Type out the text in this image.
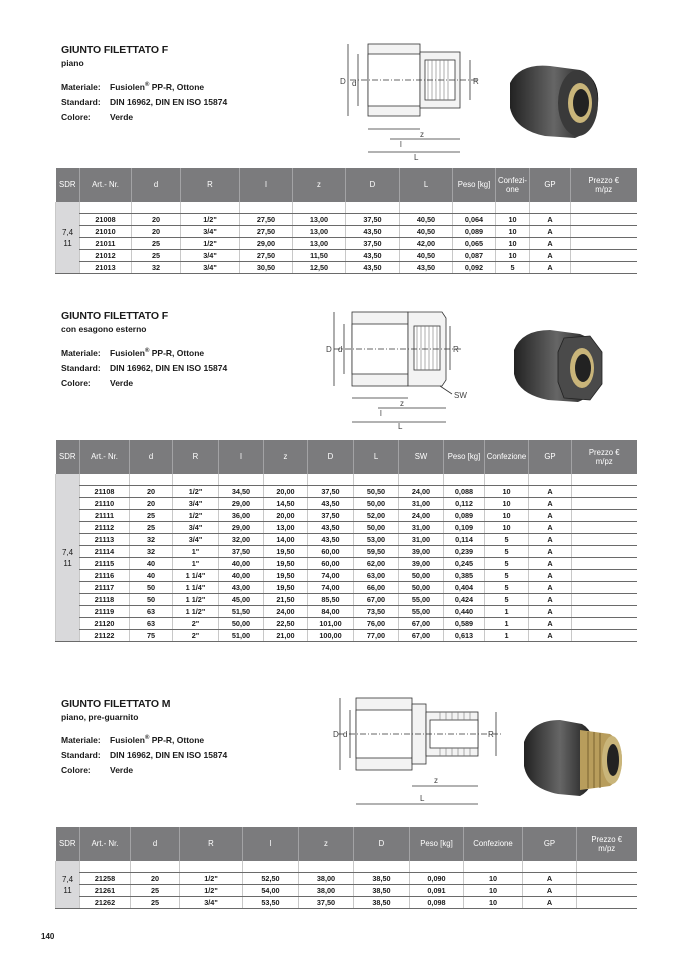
GIUNTO FILETTATO F
piano
Materiale: Fusiolen® PP-R, Ottone
Standard: DIN 16962, DIN EN ISO 15874
Colore: Verde
D d	R
z
l
L
SDR	Art.- Nr.	d	R	l	z	D	L	Peso [kg]	Confezi-
one	GP	Prezzo €
m/pz

7,4
11											

	21008	20	1/2"	27,50	13,00	37,50	40,50	0,064	10	A	
	21010	20	3/4"	27,50	13,00	43,50	40,50	0,089	10	A	
	21011	25	1/2"	29,00	13,00	37,50	42,00	0,065	10	A	
	21012	25	3/4"	27,50	11,50	43,50	40,50	0,087	10	A	
	21013	32	3/4"	30,50	12,50	43,50	43,50	0,092	5	A	
GIUNTO FILETTATO F
con esagono esterno
Materiale: Fusiolen® PP-R, Ottone
Standard: DIN 16962, DIN EN ISO 15874
Colore: Verde
D d	R
z
l
L
SW
SDR	Art.- Nr.	d	R	l	z	D	L	SW	Peso [kg]	Confezione	GP	Prezzo €
m/pz

7,4
11												

	21108	20	1/2"	34,50	20,00	37,50	50,50	24,00	0,088	10	A	
	21110	20	3/4"	29,00	14,50	43,50	50,00	31,00	0,112	10	A	
	21111	25	1/2"	36,00	20,00	37,50	52,00	24,00	0,089	10	A	
	21112	25	3/4"	29,00	13,00	43,50	50,00	31,00	0,109	10	A	
	21113	32	3/4"	32,00	14,00	43,50	53,00	31,00	0,114	5	A	
	21114	32	1"	37,50	19,50	60,00	59,50	39,00	0,239	5	A	
	21115	40	1"	40,00	19,50	60,00	62,00	39,00	0,245	5	A	
	21116	40	1 1/4"	40,00	19,50	74,00	63,00	50,00	0,385	5	A	
	21117	50	1 1/4"	43,00	19,50	74,00	66,00	50,00	0,404	5	A	
	21118	50	1 1/2"	45,00	21,50	85,50	67,00	55,00	0,424	5	A	
	21119	63	1 1/2"	51,50	24,00	84,00	73,50	55,00	0,440	1	A	
	21120	63	2"	50,00	22,50	101,00	76,00	67,00	0,589	1	A	
	21122	75	2"	51,00	21,00	100,00	77,00	67,00	0,613	1	A	
GIUNTO FILETTATO M
piano, pre-guarnito
Materiale: Fusiolen® PP-R, Ottone
Standard: DIN 16962, DIN EN ISO 15874
Colore: Verde
D d	R
z
L
SDR	Art.- Nr.	d	R	l	z	D	Peso [kg]	Confezione	GP	Prezzo €
m/pz

7,4
11										

	21258	20	1/2"	52,50	38,00	38,50	0,090	10	A	
	21261	25	1/2"	54,00	38,00	38,50	0,091	10	A	
	21262	25	3/4"	53,50	37,50	38,50	0,098	10	A	
140
